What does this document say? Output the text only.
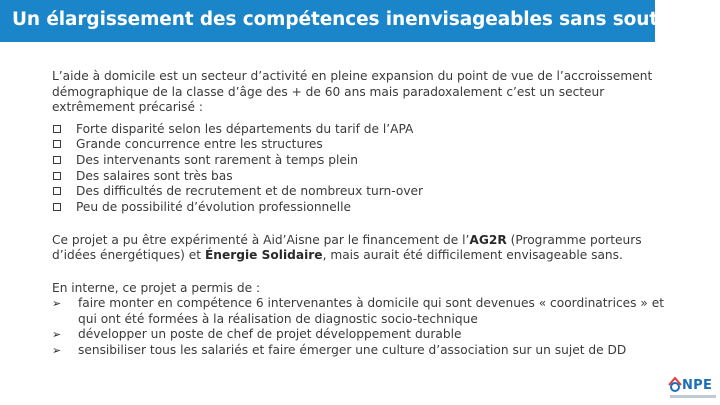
Un élargissement des compétences inenvisageables sans soutien

L’aide à domicile est un secteur d’activité en pleine expansion du point de vue de l’accroissement démographique de la classe d’âge des + de 60 ans mais paradoxalement c’est un secteur extrêmement précarisé :

Forte disparité selon les départements du tarif de l’APA
Grande concurrence entre les structures
Des intervenants sont rarement à temps plein
Des salaires sont très bas
Des difficultés de recrutement et de nombreux turn-over
Peu de possibilité d’évolution professionnelle

Ce projet a pu être expérimenté à Aid’Aisne par le financement de l’AG2R (Programme porteurs d’idées énergétiques) et Énergie Solidaire, mais aurait été difficilement envisageable sans.

En interne, ce projet a permis de :

➢ faire monter en compétence 6 intervenantes à domicile qui sont devenues « coordinatrices » et qui ont été formées à la réalisation de diagnostic socio-technique
➢ développer un poste de chef de projet développement durable
➢ sensibiliser tous les salariés et faire émerger une culture d’association sur un sujet de DD
NPE
